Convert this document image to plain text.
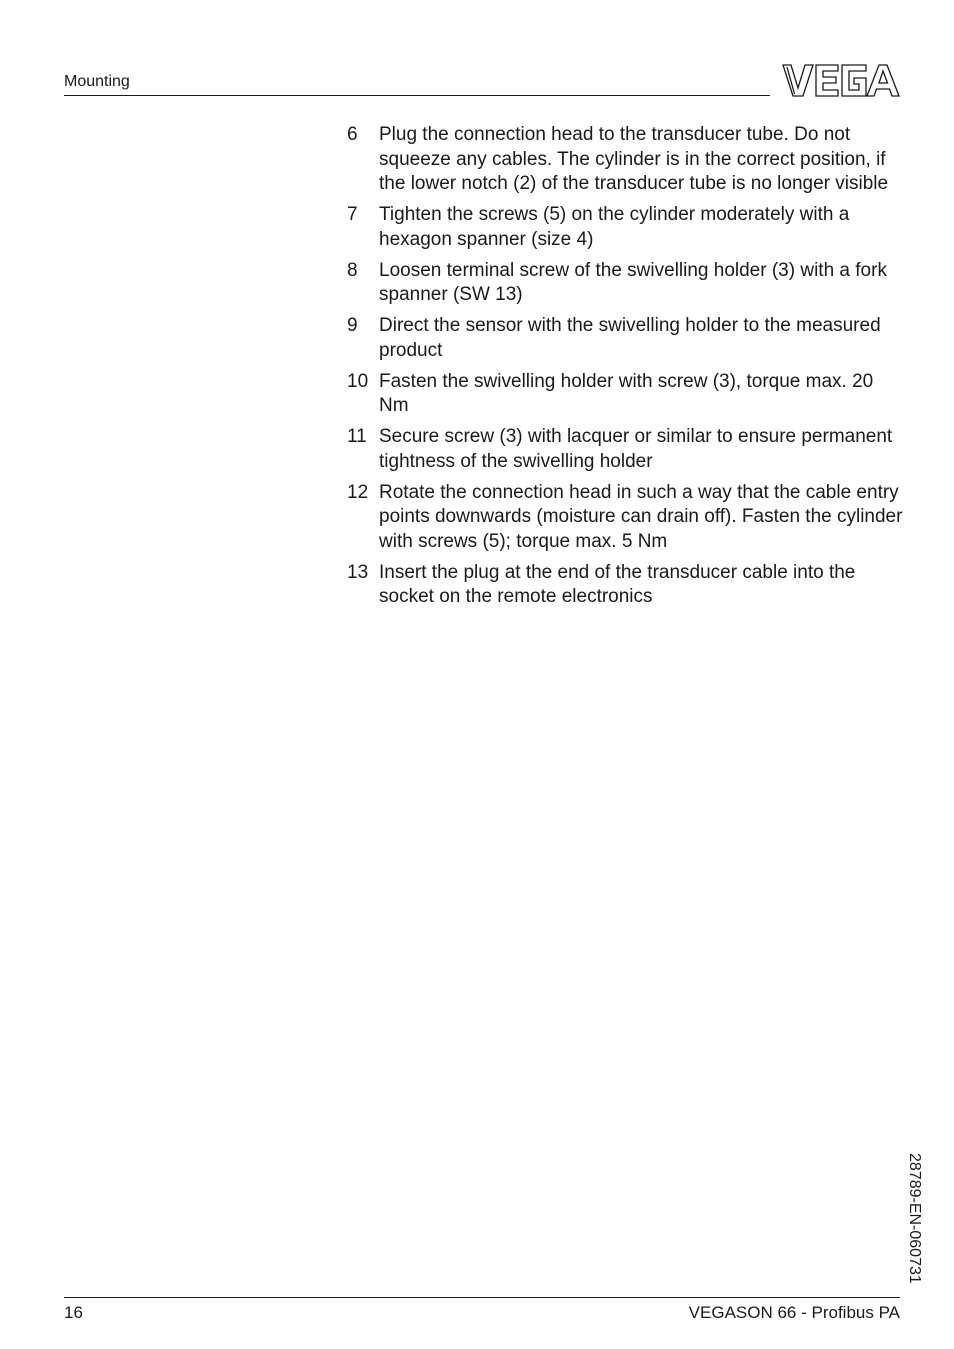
Mounting
6	Plug the connection head to the transducer tube. Do not squeeze any cables. The cylinder is in the correct position, if the lower notch (2) of the transducer tube is no longer visible
7	Tighten the screws (5) on the cylinder moderately with a hexagon spanner (size 4)
8	Loosen terminal screw of the swivelling holder (3) with a fork spanner (SW 13)
9	Direct the sensor with the swivelling holder to the measured product
10 Fasten the swivelling holder with screw (3), torque max. 20 Nm
11 Secure screw (3) with lacquer or similar to ensure permanent tightness of the swivelling holder
12 Rotate the connection head in such a way that the cable entry points downwards (moisture can drain off). Fasten the cylinder with screws (5); torque max. 5 Nm
13 Insert the plug at the end of the transducer cable into the socket on the remote electronics
28789-EN-060731
16	VEGASON 66 - Profibus PA
